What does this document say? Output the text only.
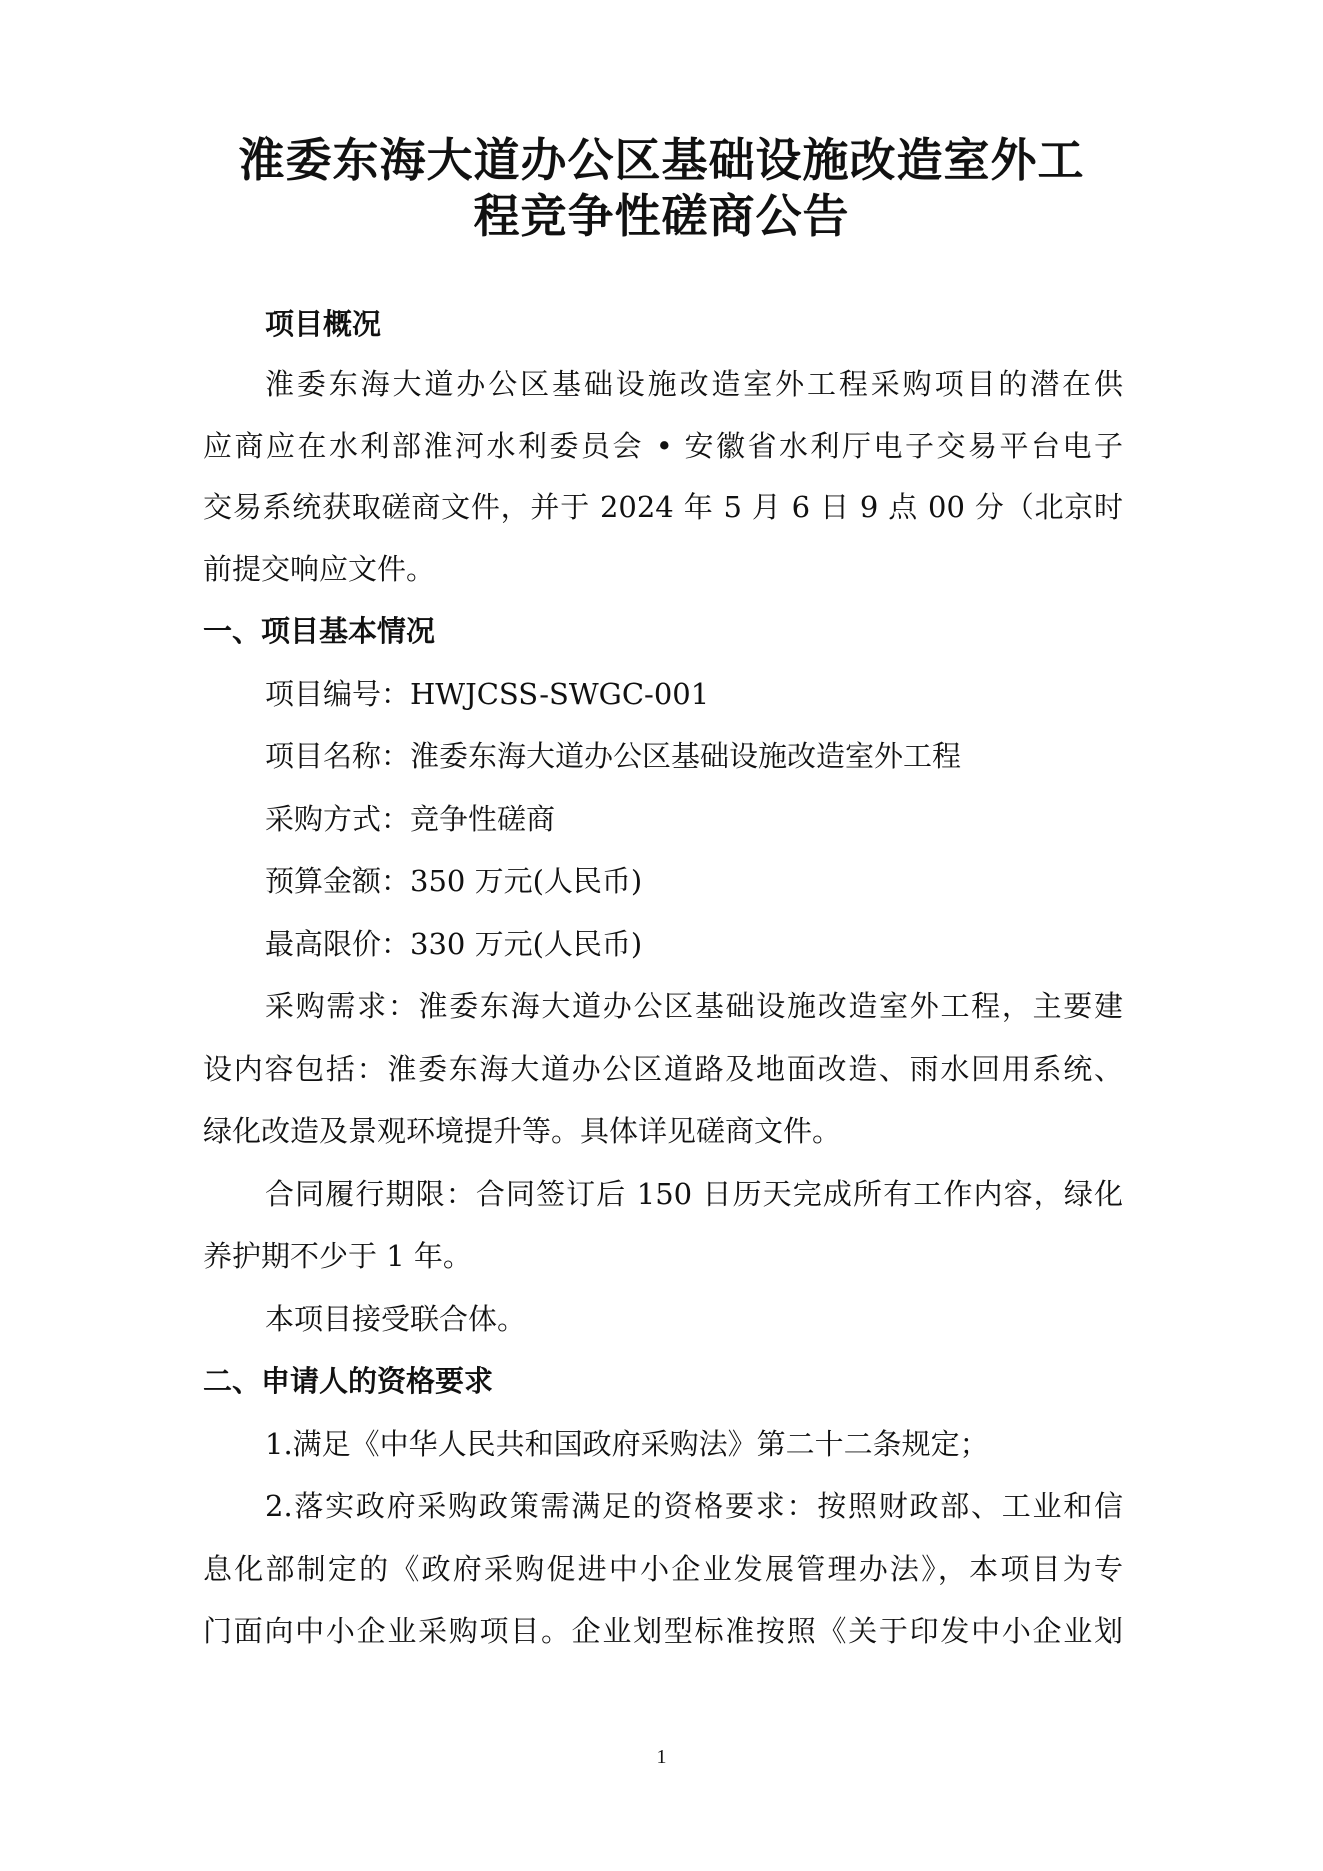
淮委东海大道办公区基础设施改造室外工
程竞争性磋商公告
项目概况
淮委东海大道办公区基础设施改造室外工程采购项目的潜在供
应商应在水利部淮河水利委员会 • 安徽省水利厅电子交易平台电子
交易系统获取磋商文件，并于 2024 年 5 月 6 日 9 点 00 分（北京时
前提交响应文件。
一、项目基本情况
项目编号：HWJCSS-SWGC-001
项目名称：淮委东海大道办公区基础设施改造室外工程
采购方式：竞争性磋商
预算金额：350 万元(人民币)
最高限价：330 万元(人民币)
采购需求：淮委东海大道办公区基础设施改造室外工程，主要建
设内容包括：淮委东海大道办公区道路及地面改造、雨水回用系统、
绿化改造及景观环境提升等。具体详见磋商文件。
合同履行期限：合同签订后 150 日历天完成所有工作内容，绿化
养护期不少于 1 年。
本项目接受联合体。
二、申请人的资格要求
1.满足《中华人民共和国政府采购法》第二十二条规定；
2.落实政府采购政策需满足的资格要求：按照财政部、工业和信
息化部制定的《政府采购促进中小企业发展管理办法》，本项目为专
门面向中小企业采购项目。企业划型标准按照《关于印发中小企业划
1
